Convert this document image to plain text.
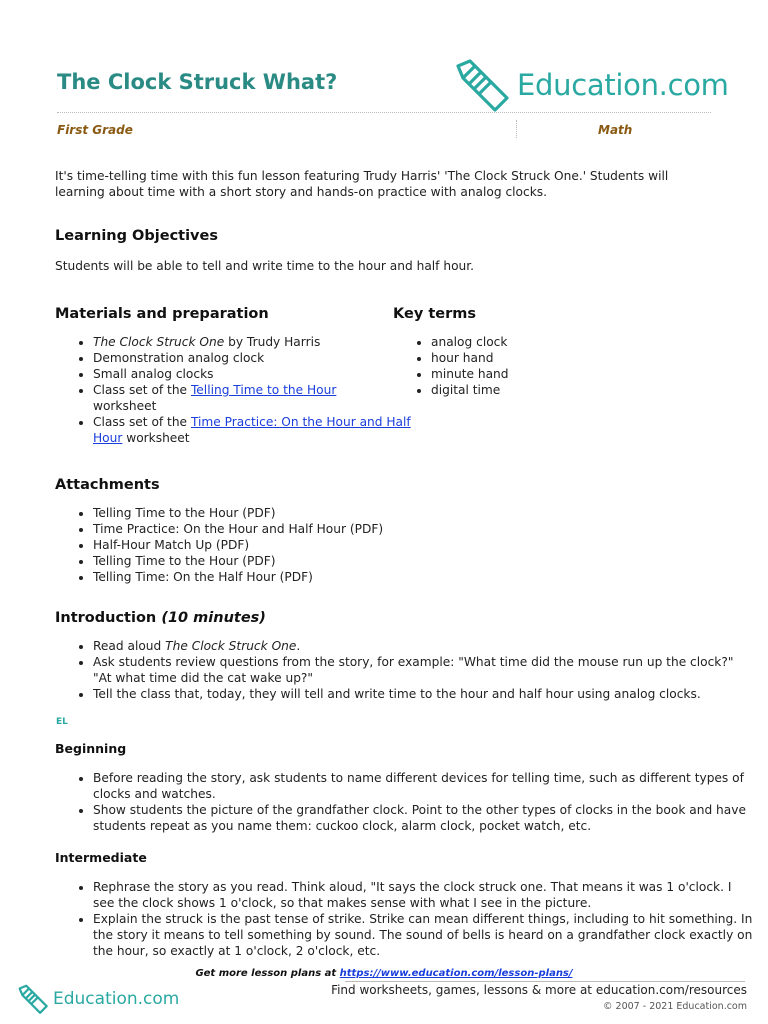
The Clock Struck What?	Education.com
First Grade	Math
It's time-telling time with this fun lesson featuring Trudy Harris' 'The Clock Struck One.' Students will learning about time with a short story and hands-on practice with analog clocks.
Learning Objectives
Students will be able to tell and write time to the hour and half hour.
Materials and preparation
• The Clock Struck One by Trudy Harris
• Demonstration analog clock
• Small analog clocks
• Class set of the Telling Time to the Hour
worksheet
• Class set of the Time Practice: On the Hour and Half Hour worksheet
Key terms
• analog clock
• hour hand
• minute hand
• digital time
Attachments
• Telling Time to the Hour (PDF)
• Time Practice: On the Hour and Half Hour (PDF)
• Half-Hour Match Up (PDF)
• Telling Time to the Hour (PDF)
• Telling Time: On the Half Hour (PDF)
Introduction (10 minutes)
• Read aloud The Clock Struck One.
• Ask students review questions from the story, for example: "What time did the mouse run up the clock?" "At what time did the cat wake up?"
• Tell the class that, today, they will tell and write time to the hour and half hour using analog clocks.
EL
Beginning
• Before reading the story, ask students to name different devices for telling time, such as different types of clocks and watches.
• Show students the picture of the grandfather clock. Point to the other types of clocks in the book and have students repeat as you name them: cuckoo clock, alarm clock, pocket watch, etc.
Intermediate
• Rephrase the story as you read. Think aloud, "It says the clock struck one. That means it was 1 o'clock. I see the clock shows 1 o'clock, so that makes sense with what I see in the picture.
• Explain the struck is the past tense of strike. Strike can mean different things, including to hit something. In the story it means to tell something by sound. The sound of bells is heard on a grandfather clock exactly on the hour, so exactly at 1 o'clock, 2 o'clock, etc.
Get more lesson plans at https://www.education.com/lesson-plans/
Education.com	Find worksheets, games, lessons & more at education.com/resources
© 2007 - 2021 Education.com
